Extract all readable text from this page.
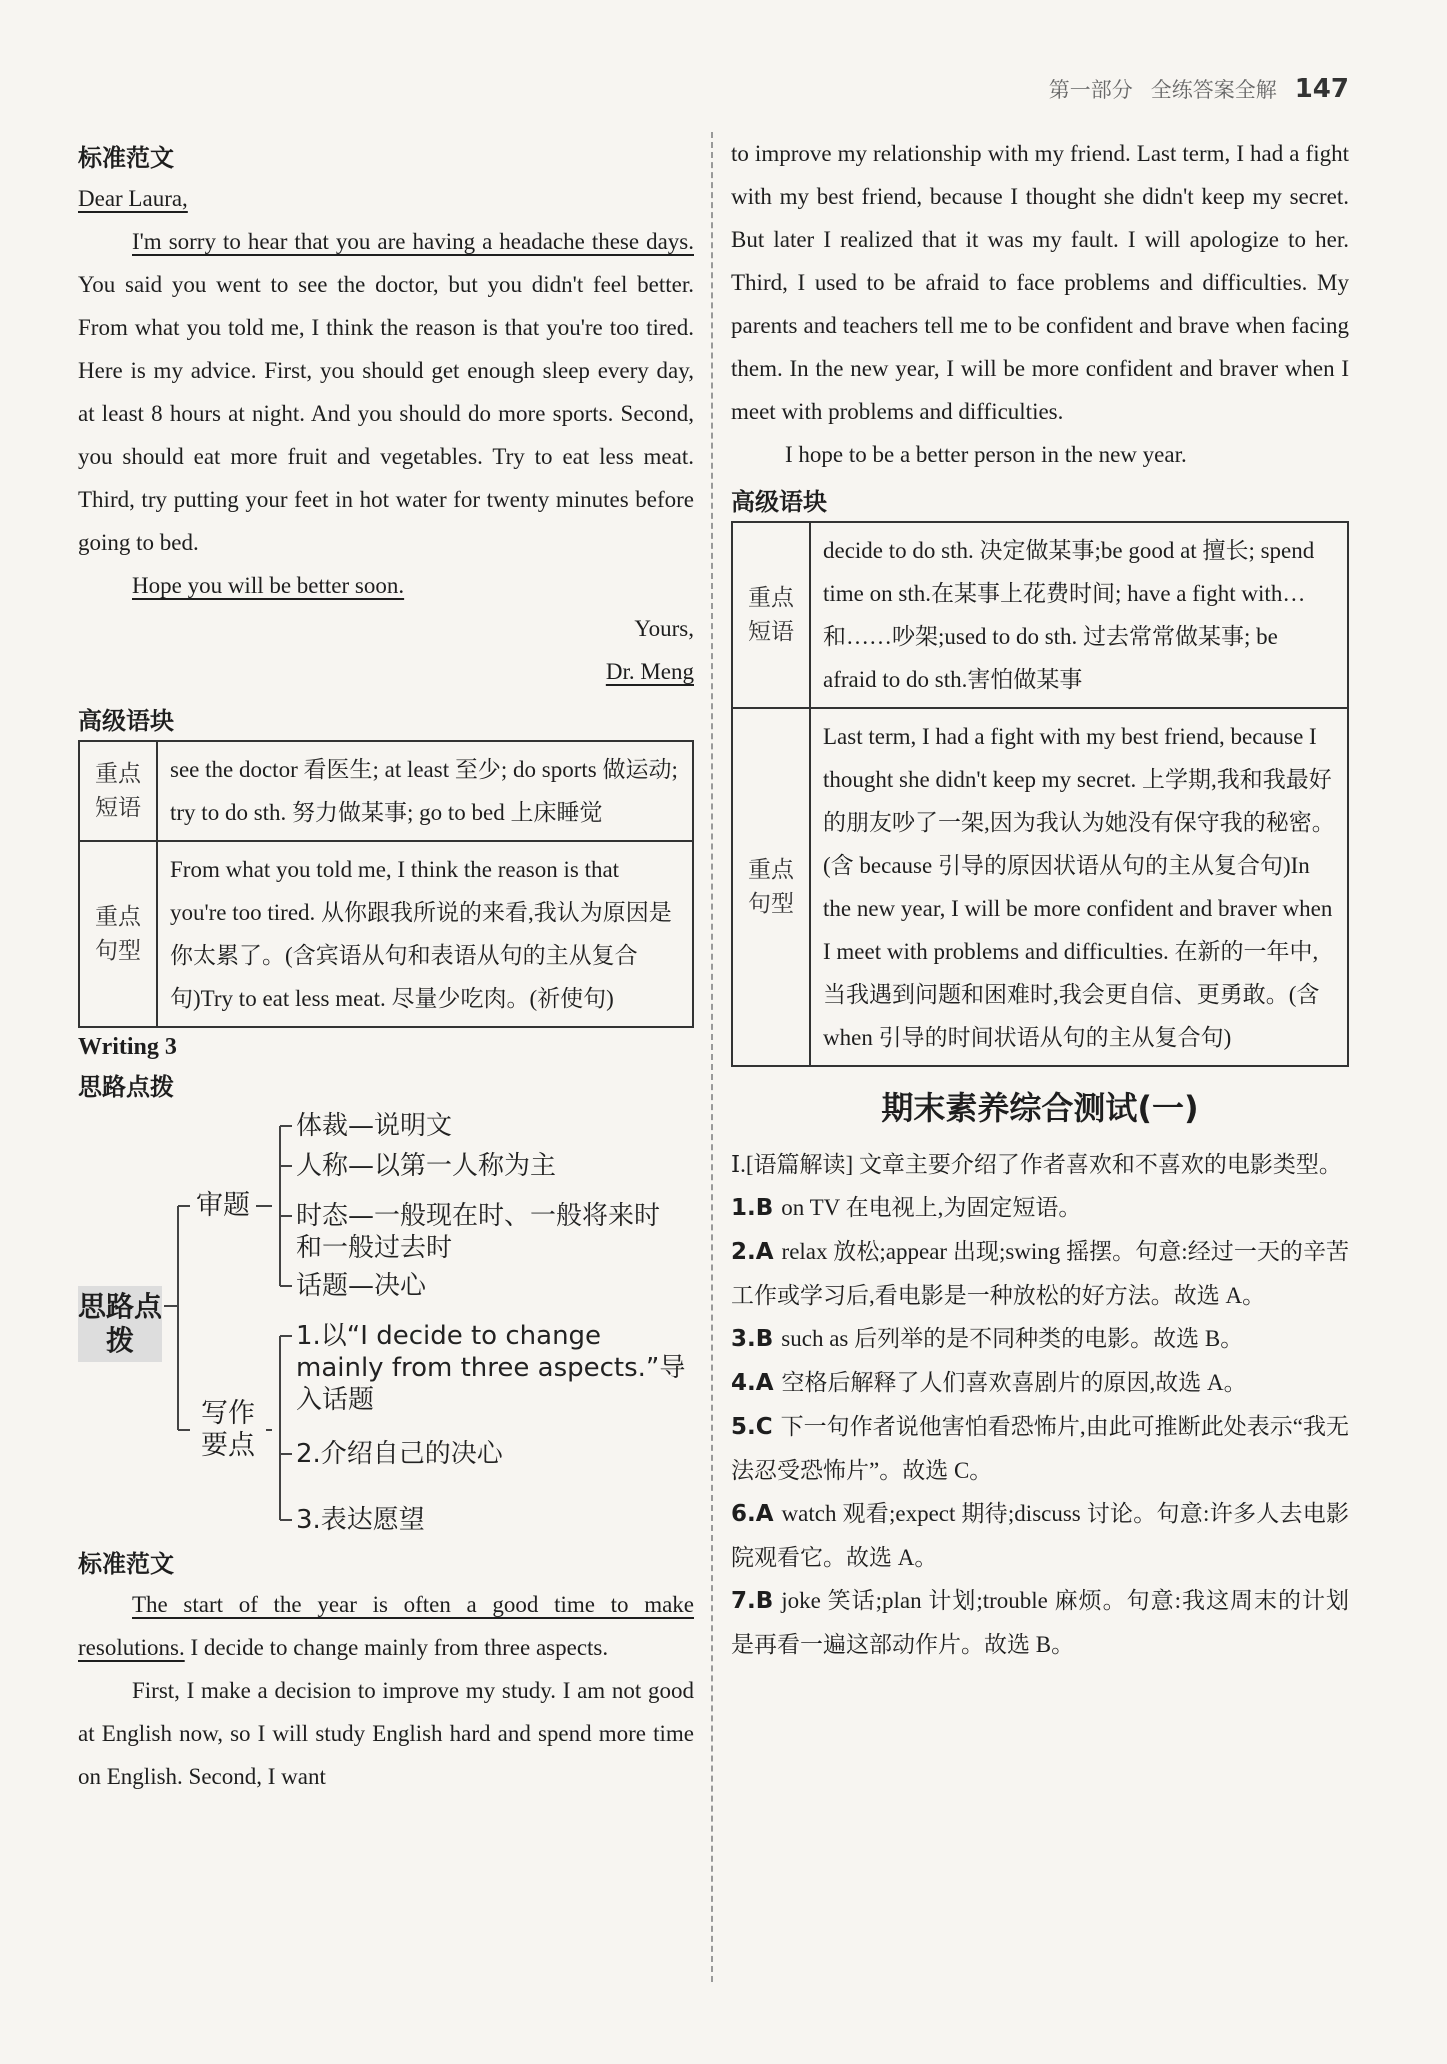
第一部分 全练答案全解 147
标准范文

Dear Laura,

I'm sorry to hear that you are having a headache these days. You said you went to see the doctor, but you didn't feel better. From what you told me, I think the reason is that you're too tired. Here is my advice. First, you should get enough sleep every day, at least 8 hours at night. And you should do more sports. Second, you should eat more fruit and vegetables. Try to eat less meat. Third, try putting your feet in hot water for twenty minutes before going to bed.

Hope you will be better soon.

Yours,

Dr. Meng

高级语块
重点短语	see the doctor 看医生; at least 至少; do sports 做运动; try to do sth. 努力做某事; go to bed 上床睡觉
重点句型	From what you told me, I think the reason is that you're too tired. 从你跟我所说的来看,我认为原因是你太累了。(含宾语从句和表语从句的主从复合句)Try to eat less meat. 尽量少吃肉。(祈使句)
Writing 3
思路点拨
思路点拨
审题
写作要点
体裁—说明文
人称—以第一人称为主
时态—一般现在时、一般将来时和一般过去时
话题—决心
1.以“I decide to change mainly from three aspects.”导入话题
2.介绍自己的决心
3.表达愿望
标准范文

The start of the year is often a good time to make resolutions. I decide to change mainly from three aspects.

First, I make a decision to improve my study. I am not good at English now, so I will study English hard and spend more time on English. Second, I want

to improve my relationship with my friend. Last term, I had a fight with my best friend, because I thought she didn't keep my secret. But later I realized that it was my fault. I will apologize to her. Third, I used to be afraid to face problems and difficulties. My parents and teachers tell me to be confident and brave when facing them. In the new year, I will be more confident and braver when I meet with problems and difficulties.

I hope to be a better person in the new year.

高级语块
重点短语	decide to do sth. 决定做某事;be good at 擅长; spend time on sth.在某事上花费时间; have a fight with…和……吵架;used to do sth. 过去常常做某事; be afraid to do sth.害怕做某事
重点句型	Last term, I had a fight with my best friend, because I thought she didn't keep my secret. 上学期,我和我最好的朋友吵了一架,因为我认为她没有保守我的秘密。(含 because 引导的原因状语从句的主从复合句)In the new year, I will be more confident and braver when I meet with problems and difficulties. 在新的一年中,当我遇到问题和困难时,我会更自信、更勇敢。(含 when 引导的时间状语从句的主从复合句)
期末素养综合测试(一)

Ⅰ.[语篇解读] 文章主要介绍了作者喜欢和不喜欢的电影类型。

1.B on TV 在电视上,为固定短语。

2.A relax 放松;appear 出现;swing 摇摆。句意:经过一天的辛苦工作或学习后,看电影是一种放松的好方法。故选 A。

3.B such as 后列举的是不同种类的电影。故选 B。

4.A 空格后解释了人们喜欢喜剧片的原因,故选 A。

5.C 下一句作者说他害怕看恐怖片,由此可推断此处表示“我无法忍受恐怖片”。故选 C。

6.A watch 观看;expect 期待;discuss 讨论。句意:许多人去电影院观看它。故选 A。

7.B joke 笑话;plan 计划;trouble 麻烦。句意:我这周末的计划是再看一遍这部动作片。故选 B。
